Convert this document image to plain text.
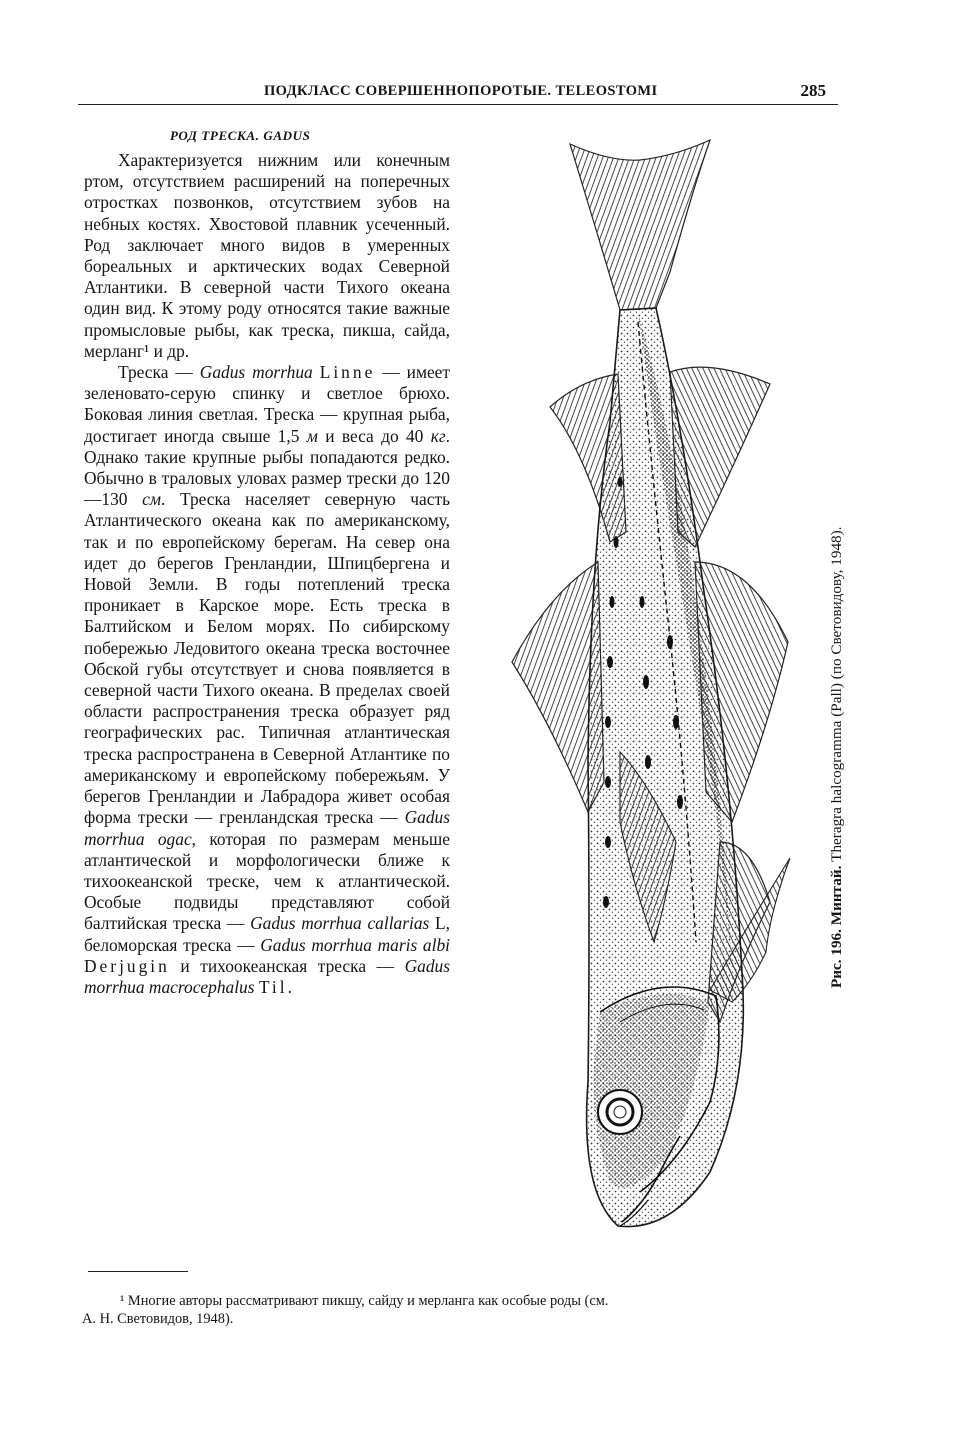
ПОДКЛАСС СОВЕРШЕННОПОРОТЫЕ. TELEOSTOMI	285
РОД ТРЕСКА. GADUS

Характеризуется нижним или конечным ртом, отсутствием расширений на поперечных отростках позвонков, отсутствием зубов на небных костях. Хвостовой плавник усеченный. Род заключает много видов в умеренных бореальных и арктических водах Северной Атлантики. В северной части Тихого океана один вид. К этому роду относятся такие важные промысловые рыбы, как треска, пикша, сайда, мерланг¹ и др.

Треска — Gadus morrhua Linne — имеет зеленовато-серую спинку и светлое брюхо. Боковая линия светлая. Треска — крупная рыба, достигает иногда свыше 1,5 м и веса до 40 кг. Однако такие крупные рыбы попадаются редко. Обычно в траловых уловах размер трески до 120—130 см. Треска населяет северную часть Атлантического океана как по американскому, так и по европейскому берегам. На север она идет до берегов Гренландии, Шпицбергена и Новой Земли. В годы потеплений треска проникает в Карское море. Есть треска в Балтийском и Белом морях. По сибирскому побережью Ледовитого океана треска восточнее Обской губы отсутствует и снова появляется в северной части Тихого океана. В пределах своей области распространения треска образует ряд географических рас. Типичная атлантическая треска распространена в Северной Атлантике по американскому и европейскому побережьям. У берегов Гренландии и Лабрадора живет особая форма трески — гренландская треска — Gadus morrhua ogac, которая по размерам меньше атлантической и морфологически ближе к тихоокеанской треске, чем к атлантической. Особые подвиды представляют собой балтийская треска — Gadus morrhua callarias L, беломорская треска — Gadus morrhua maris albi Derjugin и тихоокеанская треска — Gadus morrhua macrocephalus Til.	Рис. 196. Минтай. Theragra halcogramma (Pall) (по Световидову, 1948).
¹ Многие авторы рассматривают пикшу, сайду и мерланга как особые роды (см.
А. Н. Световидов, 1948).
